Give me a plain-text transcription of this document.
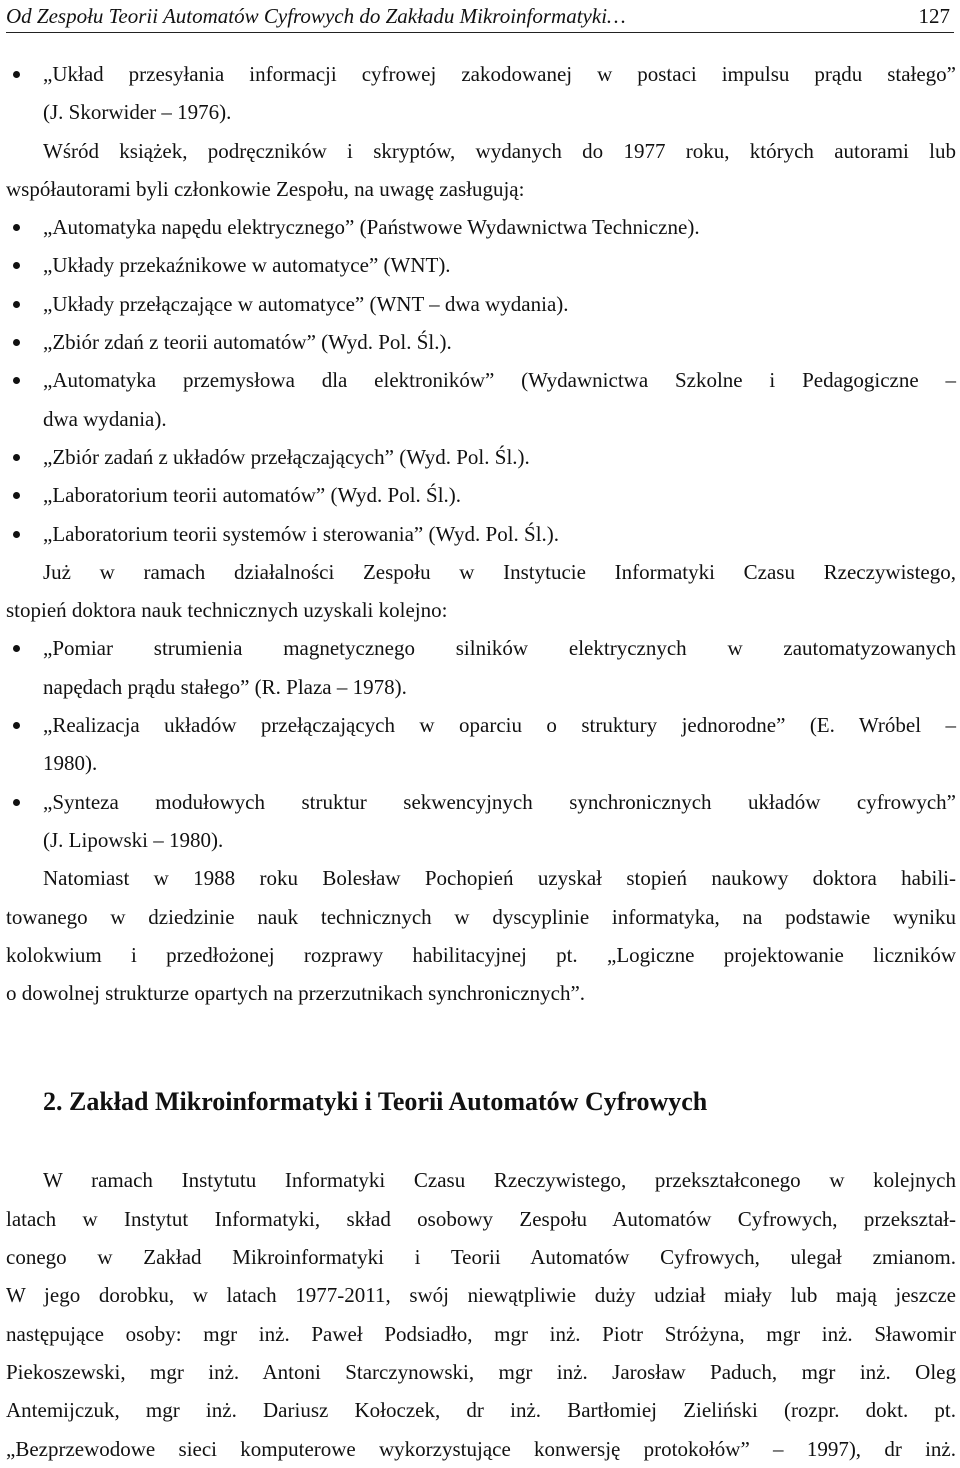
Od Zespołu Teorii Automatów Cyfrowych do Zakładu Mikroinformatyki…	127
„Układ przesyłania informacji cyfrowej zakodowanej w postaci impulsu prądu stałego”
(J. Skorwider – 1976).
Wśród książek, podręczników i skryptów, wydanych do 1977 roku, których autorami lub
współautorami byli członkowie Zespołu, na uwagę zasługują:
„Automatyka napędu elektrycznego” (Państwowe Wydawnictwa Techniczne).
„Układy przekaźnikowe w automatyce” (WNT).
„Układy przełączające w automatyce” (WNT – dwa wydania).
„Zbiór zdań z teorii automatów” (Wyd. Pol. Śl.).
„Automatyka przemysłowa dla elektroników” (Wydawnictwa Szkolne i Pedagogiczne –
dwa wydania).
„Zbiór zadań z układów przełączających” (Wyd. Pol. Śl.).
„Laboratorium teorii automatów” (Wyd. Pol. Śl.).
„Laboratorium teorii systemów i sterowania” (Wyd. Pol. Śl.).
Już w ramach działalności Zespołu w Instytucie Informatyki Czasu Rzeczywistego,
stopień doktora nauk technicznych uzyskali kolejno:
„Pomiar strumienia magnetycznego silników elektrycznych w zautomatyzowanych
napędach prądu stałego” (R. Plaza – 1978).
„Realizacja układów przełączających w oparciu o struktury jednorodne” (E. Wróbel –
1980).
„Synteza modułowych struktur sekwencyjnych synchronicznych układów cyfrowych”
(J. Lipowski – 1980).
Natomiast w 1988 roku Bolesław Pochopień uzyskał stopień naukowy doktora habili-
towanego w dziedzinie nauk technicznych w dyscyplinie informatyka, na podstawie wyniku
kolokwium i przedłożonej rozprawy habilitacyjnej pt. „Logiczne projektowanie liczników
o dowolnej strukturze opartych na przerzutnikach synchronicznych”.
2. Zakład Mikroinformatyki i Teorii Automatów Cyfrowych
W ramach Instytutu Informatyki Czasu Rzeczywistego, przekształconego w kolejnych
latach w Instytut Informatyki, skład osobowy Zespołu Automatów Cyfrowych, przekształ-
conego w Zakład Mikroinformatyki i Teorii Automatów Cyfrowych, ulegał zmianom.
W jego dorobku, w latach 1977-2011, swój niewątpliwie duży udział miały lub mają jeszcze
następujące osoby: mgr inż. Paweł Podsiadło, mgr inż. Piotr Stróżyna, mgr inż. Sławomir
Piekoszewski, mgr inż. Antoni Starczynowski, mgr inż. Jarosław Paduch, mgr inż. Oleg
Antemijczuk, mgr inż. Dariusz Kołoczek, dr inż. Bartłomiej Zieliński (rozpr. dokt. pt.
„Bezprzewodowe sieci komputerowe wykorzystujące konwersję protokołów” – 1997), dr inż.
